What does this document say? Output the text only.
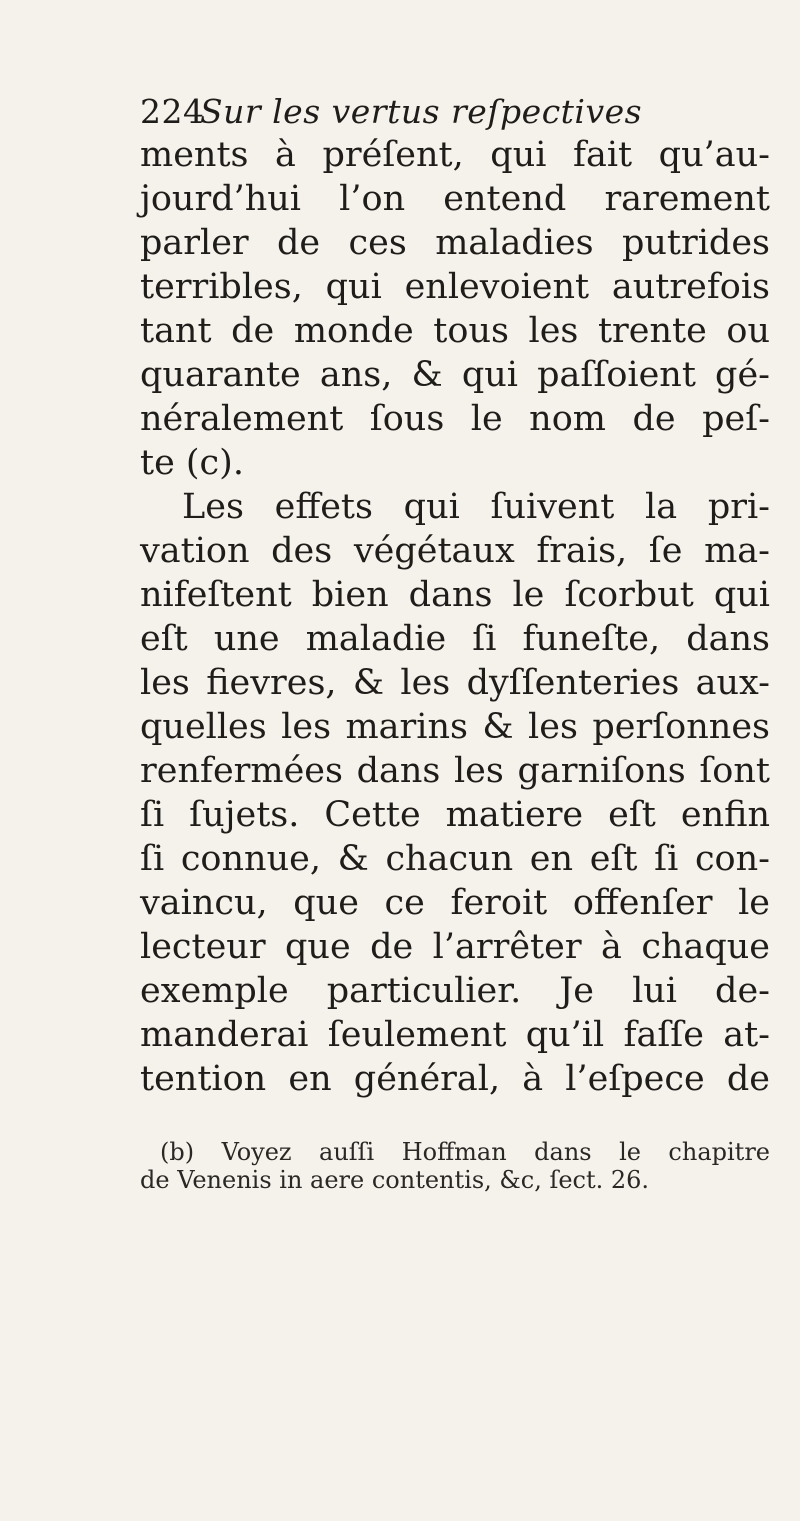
224Sur les vertus reſpectives
ments à préſent, qui fait qu’au-
jourd’hui l’on entend rarement
parler de ces maladies putrides
terribles, qui enlevoient autrefois
tant de monde tous les trente ou
quarante ans, & qui paſſoient gé-
néralement ſous le nom de peſ-
te (c).
Les effets qui ſuivent la pri-
vation des végétaux frais, ſe ma-
nifeſtent bien dans le ſcorbut qui
eſt une maladie ſi funeſte, dans
les fievres, & les dyſſenteries aux-
quelles les marins & les perſonnes
renfermées dans les garniſons ſont
ſi ſujets. Cette matiere eſt enfin
ſi connue, & chacun en eſt ſi con-
vaincu, que ce feroit offenſer le
lecteur que de l’arrêter à chaque
exemple particulier. Je lui de-
manderai ſeulement qu’il faſſe at-
tention en général, à l’eſpece de
(b) Voyez auſſi Hoffman dans le chapitre
de Venenis in aere contentis, &c, ſect. 26.
